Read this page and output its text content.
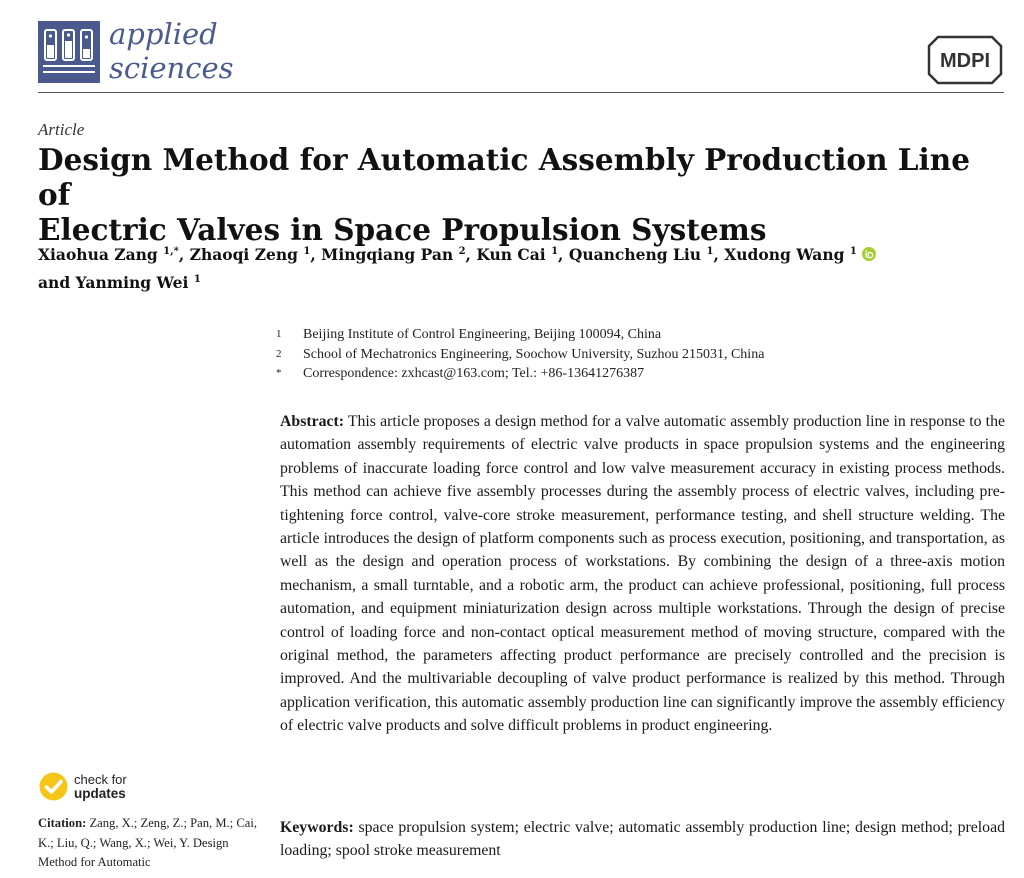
applied
sciences	MDPI
Article
Design Method for Automatic Assembly Production Line of
Electric Valves in Space Propulsion Systems
Xiaohua Zang $^{1,*}$, Zhaoqi Zeng $^1$, Mingqiang Pan $^2$, Kun Cai $^1$, Quancheng Liu $^1$, Xudong Wang $^1$
and Yanming Wei $^1$
1	Beijing Institute of Control Engineering, Beijing 100094, China
2	School of Mechatronics Engineering, Soochow University, Suzhou 215031, China
*	Correspondence: zxhcast@163.com; Tel.: +86-13641276387

Abstract: This article proposes a design method for a valve automatic assembly production line in response to the automation assembly requirements of electric valve products in space propulsion systems and the engineering problems of inaccurate loading force control and low valve measurement accuracy in existing process methods. This method can achieve five assembly processes during the assembly process of electric valves, including pre-tightening force control, valve-core stroke measurement, performance testing, and shell structure welding. The article introduces the design of platform components such as process execution, positioning, and transportation, as well as the design and operation process of workstations. By combining the design of a three-axis motion mechanism, a small turntable, and a robotic arm, the product can achieve professional, positioning, full process automation, and equipment miniaturization design across multiple workstations. Through the design of precise control of loading force and non-contact optical measurement method of moving structure, compared with the original method, the parameters affecting product performance are precisely controlled and the precision is improved. And the multivariable decoupling of valve product performance is realized by this method. Through application verification, this automatic assembly production line can significantly improve the assembly efficiency of electric valve products and solve difficult problems in product engineering.

check for
updates
Citation: Zang, X.; Zeng, Z.; Pan, M.; Cai, K.; Liu, Q.; Wang, X.; Wei, Y. Design Method for Automatic

Keywords: space propulsion system; electric valve; automatic assembly production line; design method; preload loading; spool stroke measurement
